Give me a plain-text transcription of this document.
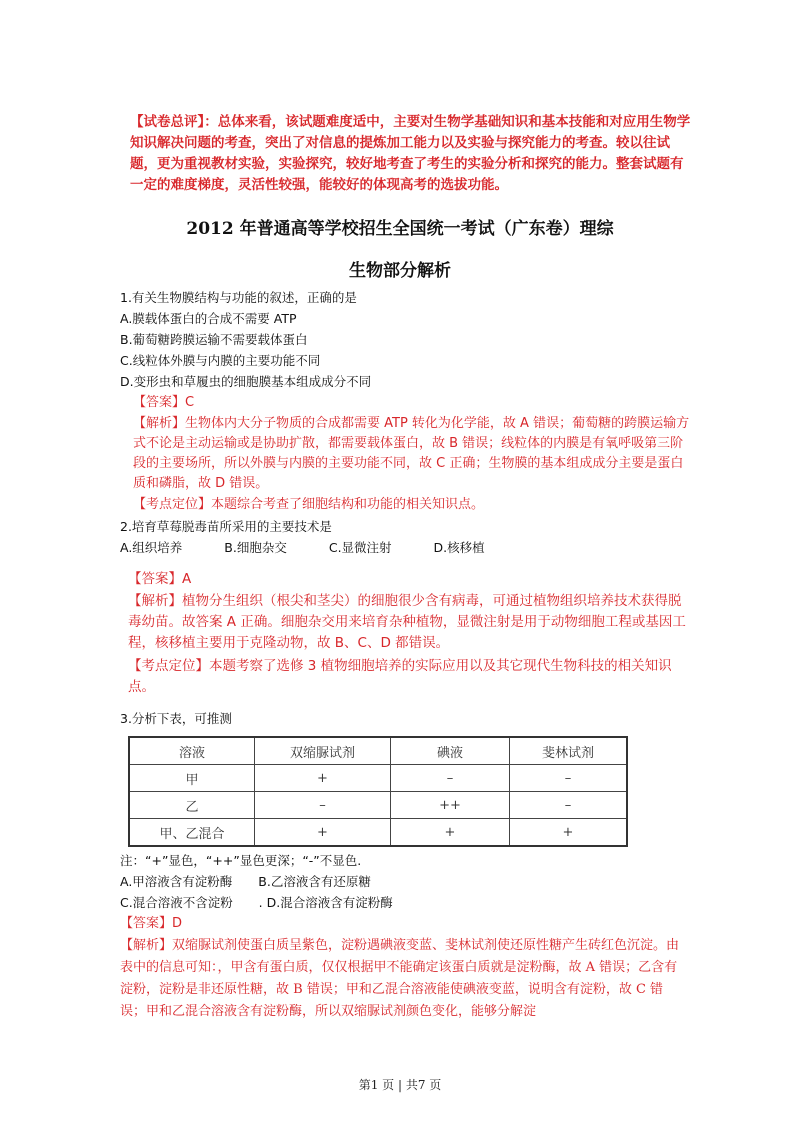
【试卷总评】：总体来看，该试题难度适中，主要对生物学基础知识和基本技能和对应用生物学知识解决问题的考查，突出了对信息的提炼加工能力以及实验与探究能力的考查。较以往试题，更为重视教材实验，实验探究，较好地考查了考生的实验分析和探究的能力。整套试题有一定的难度梯度，灵活性较强，能较好的体现高考的选拔功能。
2012 年普通高等学校招生全国统一考试（广东卷）理综
生物部分解析
1.有关生物膜结构与功能的叙述，正确的是
A.膜载体蛋白的合成不需要 ATP
B.葡萄糖跨膜运输不需要载体蛋白
C.线粒体外膜与内膜的主要功能不同
D.变形虫和草履虫的细胞膜基本组成成分不同
【答案】C
【解析】生物体内大分子物质的合成都需要 ATP 转化为化学能，故 A 错误；葡萄糖的跨膜运输方式不论是主动运输或是协助扩散，都需要载体蛋白，故 B 错误；线粒体的内膜是有氧呼吸第三阶段的主要场所，所以外膜与内膜的主要功能不同，故 C 正确；生物膜的基本组成成分主要是蛋白质和磷脂，故 D 错误。
【考点定位】本题综合考查了细胞结构和功能的相关知识点。
2.培育草莓脱毒苗所采用的主要技术是
A.组织培养	B.细胞杂交	C.显微注射	D.核移植
【答案】A
【解析】植物分生组织（根尖和茎尖）的细胞很少含有病毒，可通过植物组织培养技术获得脱毒幼苗。故答案 A 正确。细胞杂交用来培育杂种植物，显微注射是用于动物细胞工程或基因工程，核移植主要用于克隆动物，故 B、C、D 都错误。
【考点定位】本题考察了选修 3 植物细胞培养的实际应用以及其它现代生物科技的相关知识点。
3.分析下表，可推测
溶液	双缩脲试剂	碘液	斐林试剂
甲	+	–	–
乙	–	++	–
甲、乙混合	+	+	+
注：“+”显色，“++”显色更深；“-”不显色.
A.甲溶液含有淀粉酶 B.乙溶液含有还原糖
C.混合溶液不含淀粉 . D.混合溶液含有淀粉酶
【答案】D
【解析】双缩脲试剂使蛋白质呈紫色，淀粉遇碘液变蓝、斐林试剂使还原性糖产生砖红色沉淀。由表中的信息可知：，甲含有蛋白质，仅仅根据甲不能确定该蛋白质就是淀粉酶，故 A 错误；乙含有淀粉，淀粉是非还原性糖，故 B 错误；甲和乙混合溶液能使碘液变蓝，说明含有淀粉，故 C 错误；甲和乙混合溶液含有淀粉酶，所以双缩脲试剂颜色变化，能够分解淀
第1 页 | 共7 页
